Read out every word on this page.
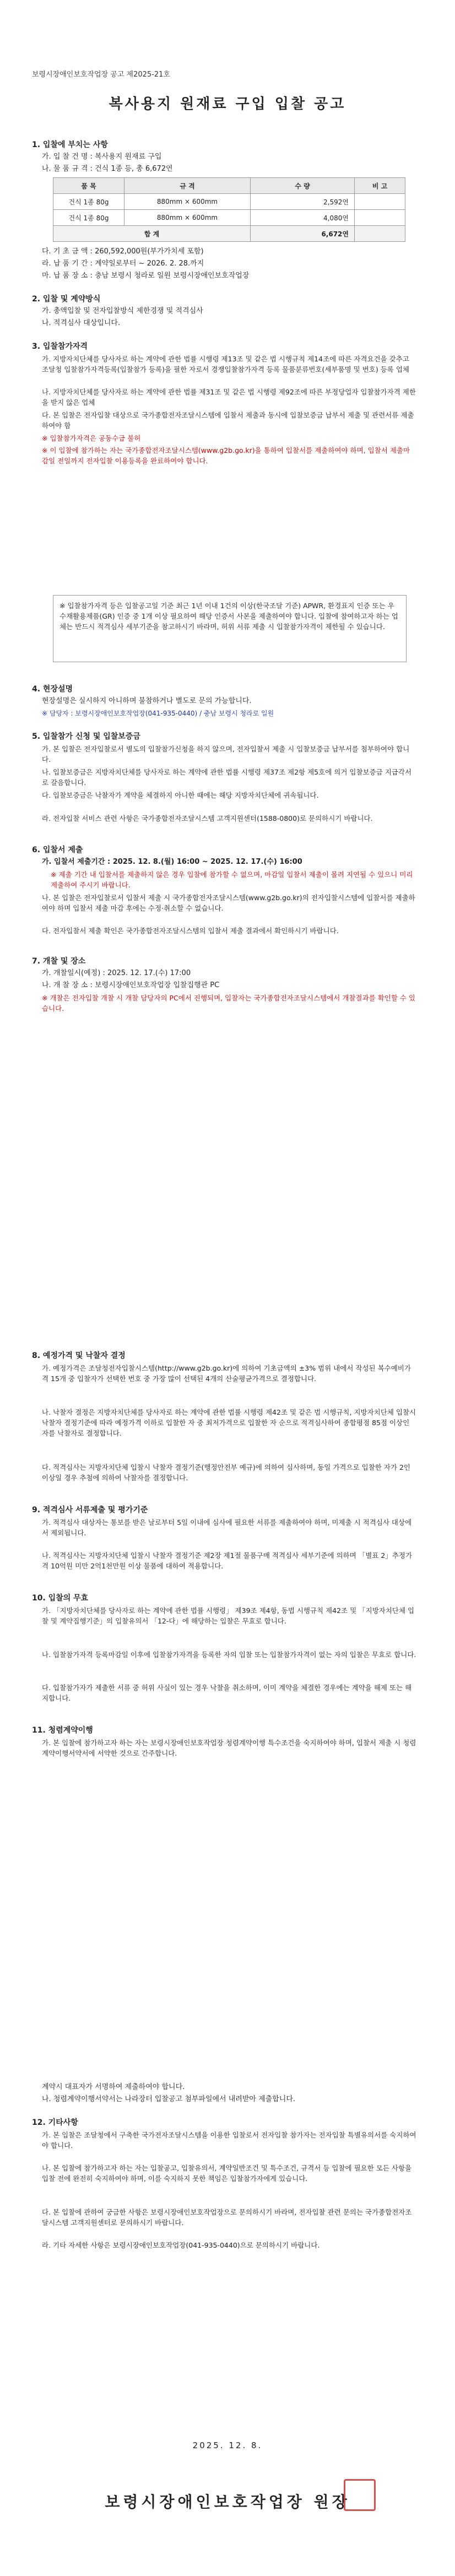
보령시장애인보호작업장 공고 제2025-21호
복사용지 원재료 구입 입찰 공고
1. 입찰에 부치는 사항
가. 입 찰 건 명 : 복사용지 원재료 구입
나. 물 품 규 격 : 건식 1종 등, 총 6,672연
품 목	규 격	수 량	비 고
건식 1종 80g	880mm × 600mm	2,592연	
건식 1종 80g	880mm × 600mm	4,080연	
합 계		6,672연	
다. 기 초 금 액 : 260,592,000원(부가가치세 포함)
라. 납 품 기 간 : 계약일로부터 ~ 2026. 2. 28.까지
마. 납 품 장 소 : 충남 보령시 청라로 일원 보령시장애인보호작업장
2. 입찰 및 계약방식
가. 총액입찰 및 전자입찰방식 제한경쟁 및 적격심사
나. 적격심사 대상입니다.
3. 입찰참가자격
가. 지방자치단체를 당사자로 하는 계약에 관한 법률 시행령 제13조 및 같은 법 시행규칙 제14조에 따른 자격요건을 갖추고 조달청 입찰참가자격등록(입찰참가 등록)을 필한 자로서 경쟁입찰참가자격 등록 물품분류번호(세부품명 및 번호) 등록 업체
나. 지방자치단체를 당사자로 하는 계약에 관한 법률 제31조 및 같은 법 시행령 제92조에 따른 부정당업자 입찰참가자격 제한을 받지 않은 업체
다. 본 입찰은 전자입찰 대상으로 국가종합전자조달시스템에 입찰서 제출과 동시에 입찰보증금 납부서 제출 및 관련서류 제출하여야 함
※ 입찰참가자격은 공동수급 불허
※ 이 입찰에 참가하는 자는 국가종합전자조달시스템(www.g2b.go.kr)을 통하여 입찰서를 제출하여야 하며, 입찰서 제출마감일 전일까지 전자입찰 이용등록을 완료하여야 합니다.
※ 입찰참가자격 등은 입찰공고일 기준 최근 1년 이내 1건의 이상(한국조달 기준) APWR, 환경표지 인증 또는 우수재활용제품(GR) 인증 중 1개 이상 필요하여 해당 인증서 사본을 제출하여야 합니다. 입찰에 참여하고자 하는 업체는 반드시 적격심사 세부기준을 참고하시기 바라며, 허위 서류 제출 시 입찰참가자격이 제한될 수 있습니다.
4. 현장설명
현장설명은 실시하지 아니하며 불참하거나 별도로 문의 가능합니다.
※ 담당자 : 보령시장애인보호작업장(041-935-0440) / 충남 보령시 청라로 일원
5. 입찰참가 신청 및 입찰보증금
가. 본 입찰은 전자입찰로서 별도의 입찰참가신청을 하지 않으며, 전자입찰서 제출 시 입찰보증금 납부서를 첨부하여야 합니다.
나. 입찰보증금은 지방자치단체를 당사자로 하는 계약에 관한 법률 시행령 제37조 제2항 제5호에 의거 입찰보증금 지급각서로 갈음합니다.
다. 입찰보증금은 낙찰자가 계약을 체결하지 아니한 때에는 해당 지방자치단체에 귀속됩니다.
라. 전자입찰 서비스 관련 사항은 국가종합전자조달시스템 고객지원센터(1588-0800)로 문의하시기 바랍니다.
6. 입찰서 제출
가. 입찰서 제출기간 : 2025. 12. 8.(월) 16:00 ~ 2025. 12. 17.(수) 16:00
※ 제출 기간 내 입찰서를 제출하지 않은 경우 입찰에 참가할 수 없으며, 마감일 입찰서 제출이 몰려 지연될 수 있으니 미리 제출하여 주시기 바랍니다.
나. 본 입찰은 전자입찰로서 입찰서 제출 시 국가종합전자조달시스템(www.g2b.go.kr)의 전자입찰시스템에 입찰서를 제출하여야 하며 입찰서 제출 마감 후에는 수정·취소할 수 없습니다.
다. 전자입찰서 제출 확인은 국가종합전자조달시스템의 입찰서 제출 결과에서 확인하시기 바랍니다.
7. 개찰 및 장소
가. 개찰일시(예정) : 2025. 12. 17.(수) 17:00
나. 개 찰 장 소 : 보령시장애인보호작업장 입찰집행관 PC
※ 개찰은 전자입찰 개찰 시 개찰 담당자의 PC에서 진행되며, 입찰자는 국가종합전자조달시스템에서 개찰결과를 확인할 수 있습니다.
8. 예정가격 및 낙찰자 결정
가. 예정가격은 조달청전자입찰시스템(http://www.g2b.go.kr)에 의하여 기초금액의 ±3% 범위 내에서 작성된 복수예비가격 15개 중 입찰자가 선택한 번호 중 가장 많이 선택된 4개의 산술평균가격으로 결정합니다.
나. 낙찰자 결정은 지방자치단체를 당사자로 하는 계약에 관한 법률 시행령 제42조 및 같은 법 시행규칙, 지방자치단체 입찰시 낙찰자 결정기준에 따라 예정가격 이하로 입찰한 자 중 최저가격으로 입찰한 자 순으로 적격심사하여 종합평점 85점 이상인 자를 낙찰자로 결정합니다.
다. 적격심사는 지방자치단체 입찰시 낙찰자 결정기준(행정안전부 예규)에 의하여 심사하며, 동일 가격으로 입찰한 자가 2인 이상일 경우 추첨에 의하여 낙찰자를 결정합니다.
9. 적격심사 서류제출 및 평가기준
가. 적격심사 대상자는 통보를 받은 날로부터 5일 이내에 심사에 필요한 서류를 제출하여야 하며, 미제출 시 적격심사 대상에서 제외됩니다.
나. 적격심사는 지방자치단체 입찰시 낙찰자 결정기준 제2장 제1절 물품구매 적격심사 세부기준에 의하며 「별표 2」추정가격 10억원 미만 2억1천만원 이상 물품에 대하여 적용합니다.
10. 입찰의 무효
가. 「지방자치단체를 당사자로 하는 계약에 관한 법률 시행령」 제39조 제4항, 동법 시행규칙 제42조 및 「지방자치단체 입찰 및 계약집행기준」의 입찰유의서 「12-다」에 해당하는 입찰은 무효로 합니다.
나. 입찰참가자격 등록마감일 이후에 입찰참가자격을 등록한 자의 입찰 또는 입찰참가자격이 없는 자의 입찰은 무효로 합니다.
다. 입찰참가자가 제출한 서류 중 허위 사실이 있는 경우 낙찰을 취소하며, 이미 계약을 체결한 경우에는 계약을 해제 또는 해지합니다.
11. 청렴계약이행
가. 본 입찰에 참가하고자 하는 자는 보령시장애인보호작업장 청렴계약이행 특수조건을 숙지하여야 하며, 입찰서 제출 시 청렴계약이행서약서에 서약한 것으로 간주합니다.
계약시 대표자가 서명하여 제출하여야 합니다.
나. 청렴계약이행서약서는 나라장터 입찰공고 첨부파일에서 내려받아 제출합니다.
12. 기타사항
가. 본 입찰은 조달청에서 구축한 국가전자조달시스템을 이용한 입찰로서 전자입찰 참가자는 전자입찰 특별유의서를 숙지하여야 합니다.
나. 본 입찰에 참가하고자 하는 자는 입찰공고, 입찰유의서, 계약일반조건 및 특수조건, 규격서 등 입찰에 필요한 모든 사항을 입찰 전에 완전히 숙지하여야 하며, 이를 숙지하지 못한 책임은 입찰참가자에게 있습니다.
다. 본 입찰에 관하여 궁금한 사항은 보령시장애인보호작업장으로 문의하시기 바라며, 전자입찰 관련 문의는 국가종합전자조달시스템 고객지원센터로 문의하시기 바랍니다.
라. 기타 자세한 사항은 보령시장애인보호작업장(041-935-0440)으로 문의하시기 바랍니다.
2025. 12. 8.
보령시장애인보호작업장 원장
